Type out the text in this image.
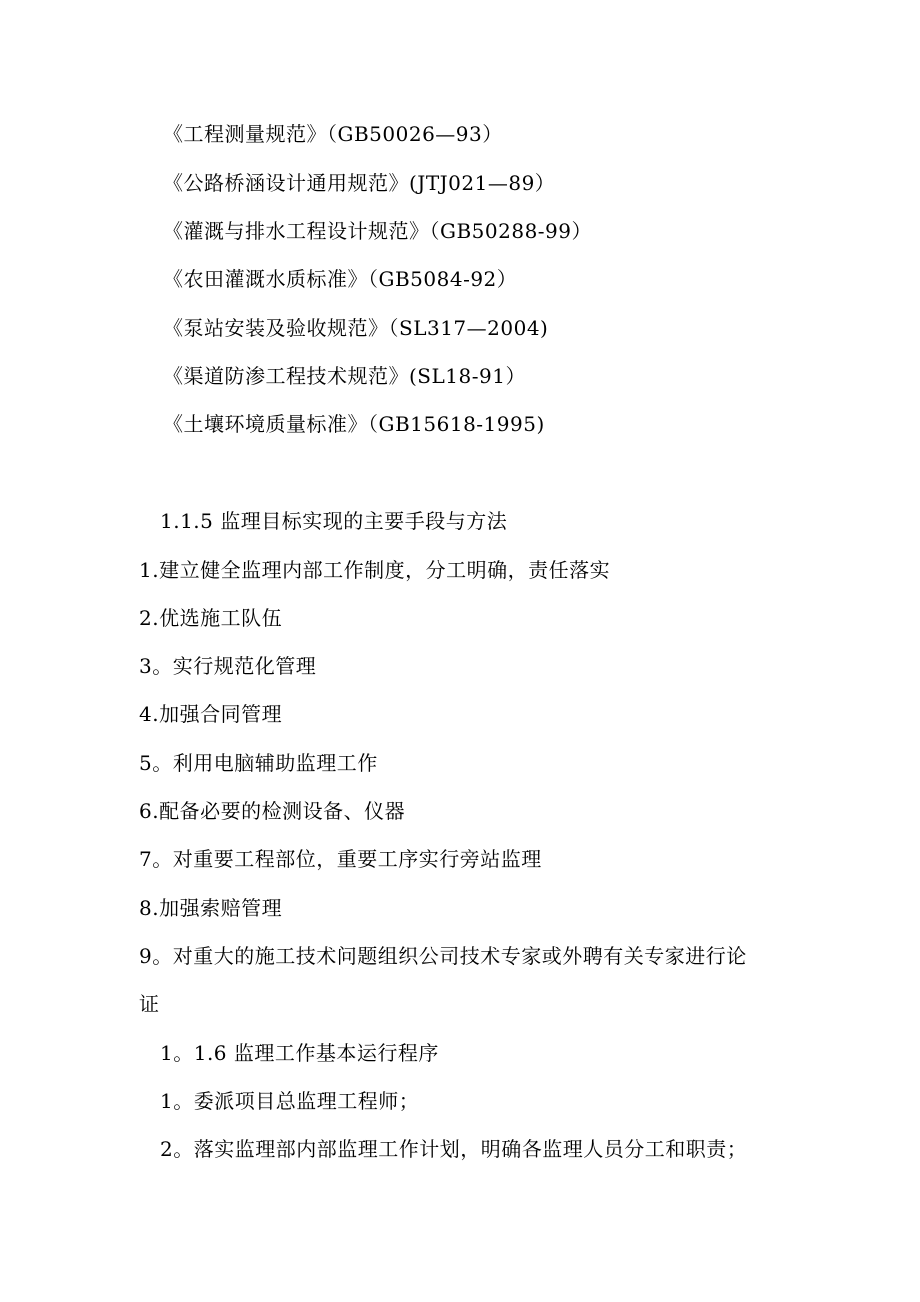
《工程测量规范》（GB50026—93）
《公路桥涵设计通用规范》(JTJ021—89）
《灌溉与排水工程设计规范》（GB50288-99）
《农田灌溉水质标准》（GB5084-92）
《泵站安装及验收规范》（SL317—2004)
《渠道防渗工程技术规范》(SL18-91）
《土壤环境质量标准》（GB15618-1995)
1.1.5 监理目标实现的主要手段与方法
1.建立健全监理内部工作制度，分工明确，责任落实
2.优选施工队伍
3。实行规范化管理
4.加强合同管理
5。利用电脑辅助监理工作
6.配备必要的检测设备、仪器
7。对重要工程部位，重要工序实行旁站监理
8.加强索赔管理
9。对重大的施工技术问题组织公司技术专家或外聘有关专家进行论
证
1。1.6 监理工作基本运行程序
1。委派项目总监理工程师；
2。落实监理部内部监理工作计划，明确各监理人员分工和职责；
